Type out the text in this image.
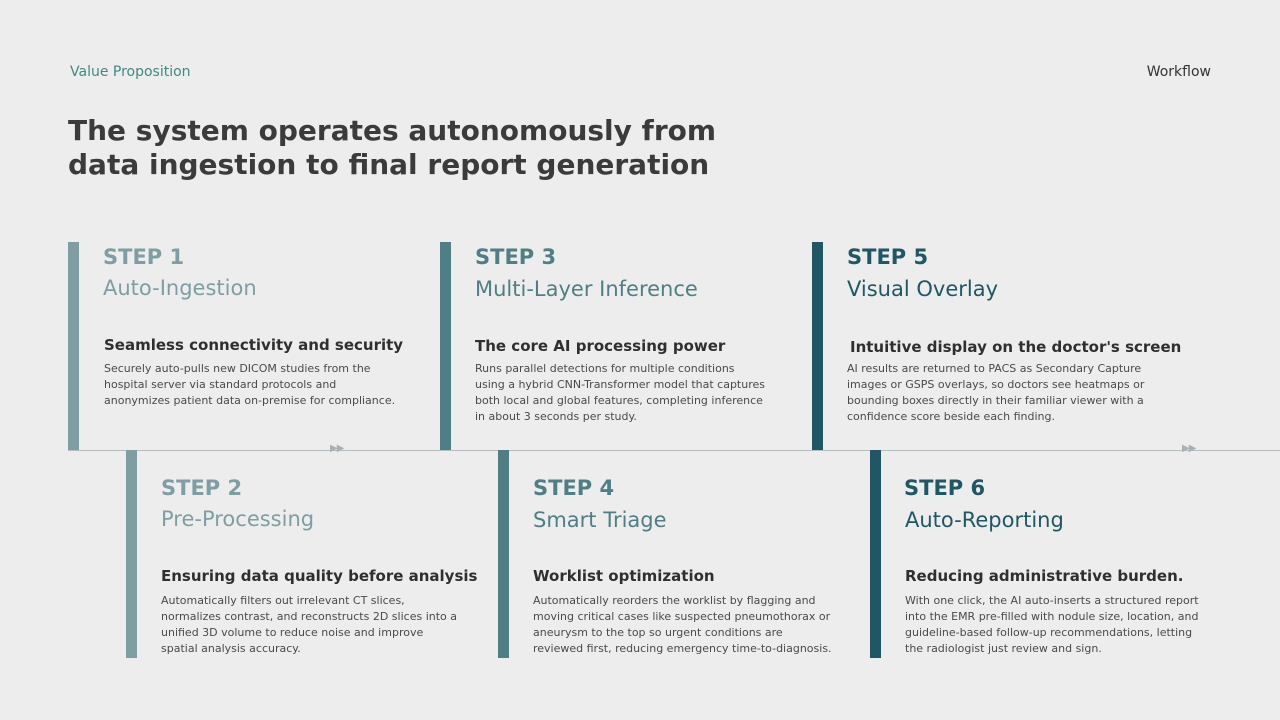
Value Proposition	Workflow
The system operates autonomously from data ingestion to final report generation
▶▶	▶▶
STEP 1
Auto-Ingestion
Seamless connectivity and security
Securely auto-pulls new DICOM studies from the hospital server via standard protocols and anonymizes patient data on-premise for compliance.
STEP 3
Multi-Layer Inference
The core AI processing power
Runs parallel detections for multiple conditions using a hybrid CNN-Transformer model that captures both local and global features, completing inference in about 3 seconds per study.
STEP 5
Visual Overlay
Intuitive display on the doctor's screen
AI results are returned to PACS as Secondary Capture images or GSPS overlays, so doctors see heatmaps or bounding boxes directly in their familiar viewer with a confidence score beside each finding.
STEP 2
Pre-Processing
Ensuring data quality before analysis
Automatically filters out irrelevant CT slices, normalizes contrast, and reconstructs 2D slices into a unified 3D volume to reduce noise and improve spatial analysis accuracy.
STEP 4
Smart Triage
Worklist optimization
Automatically reorders the worklist by flagging and moving critical cases like suspected pneumothorax or aneurysm to the top so urgent conditions are reviewed first, reducing emergency time-to-diagnosis.
STEP 6
Auto-Reporting
Reducing administrative burden.
With one click, the AI auto-inserts a structured report into the EMR pre-filled with nodule size, location, and guideline-based follow-up recommendations, letting the radiologist just review and sign.
